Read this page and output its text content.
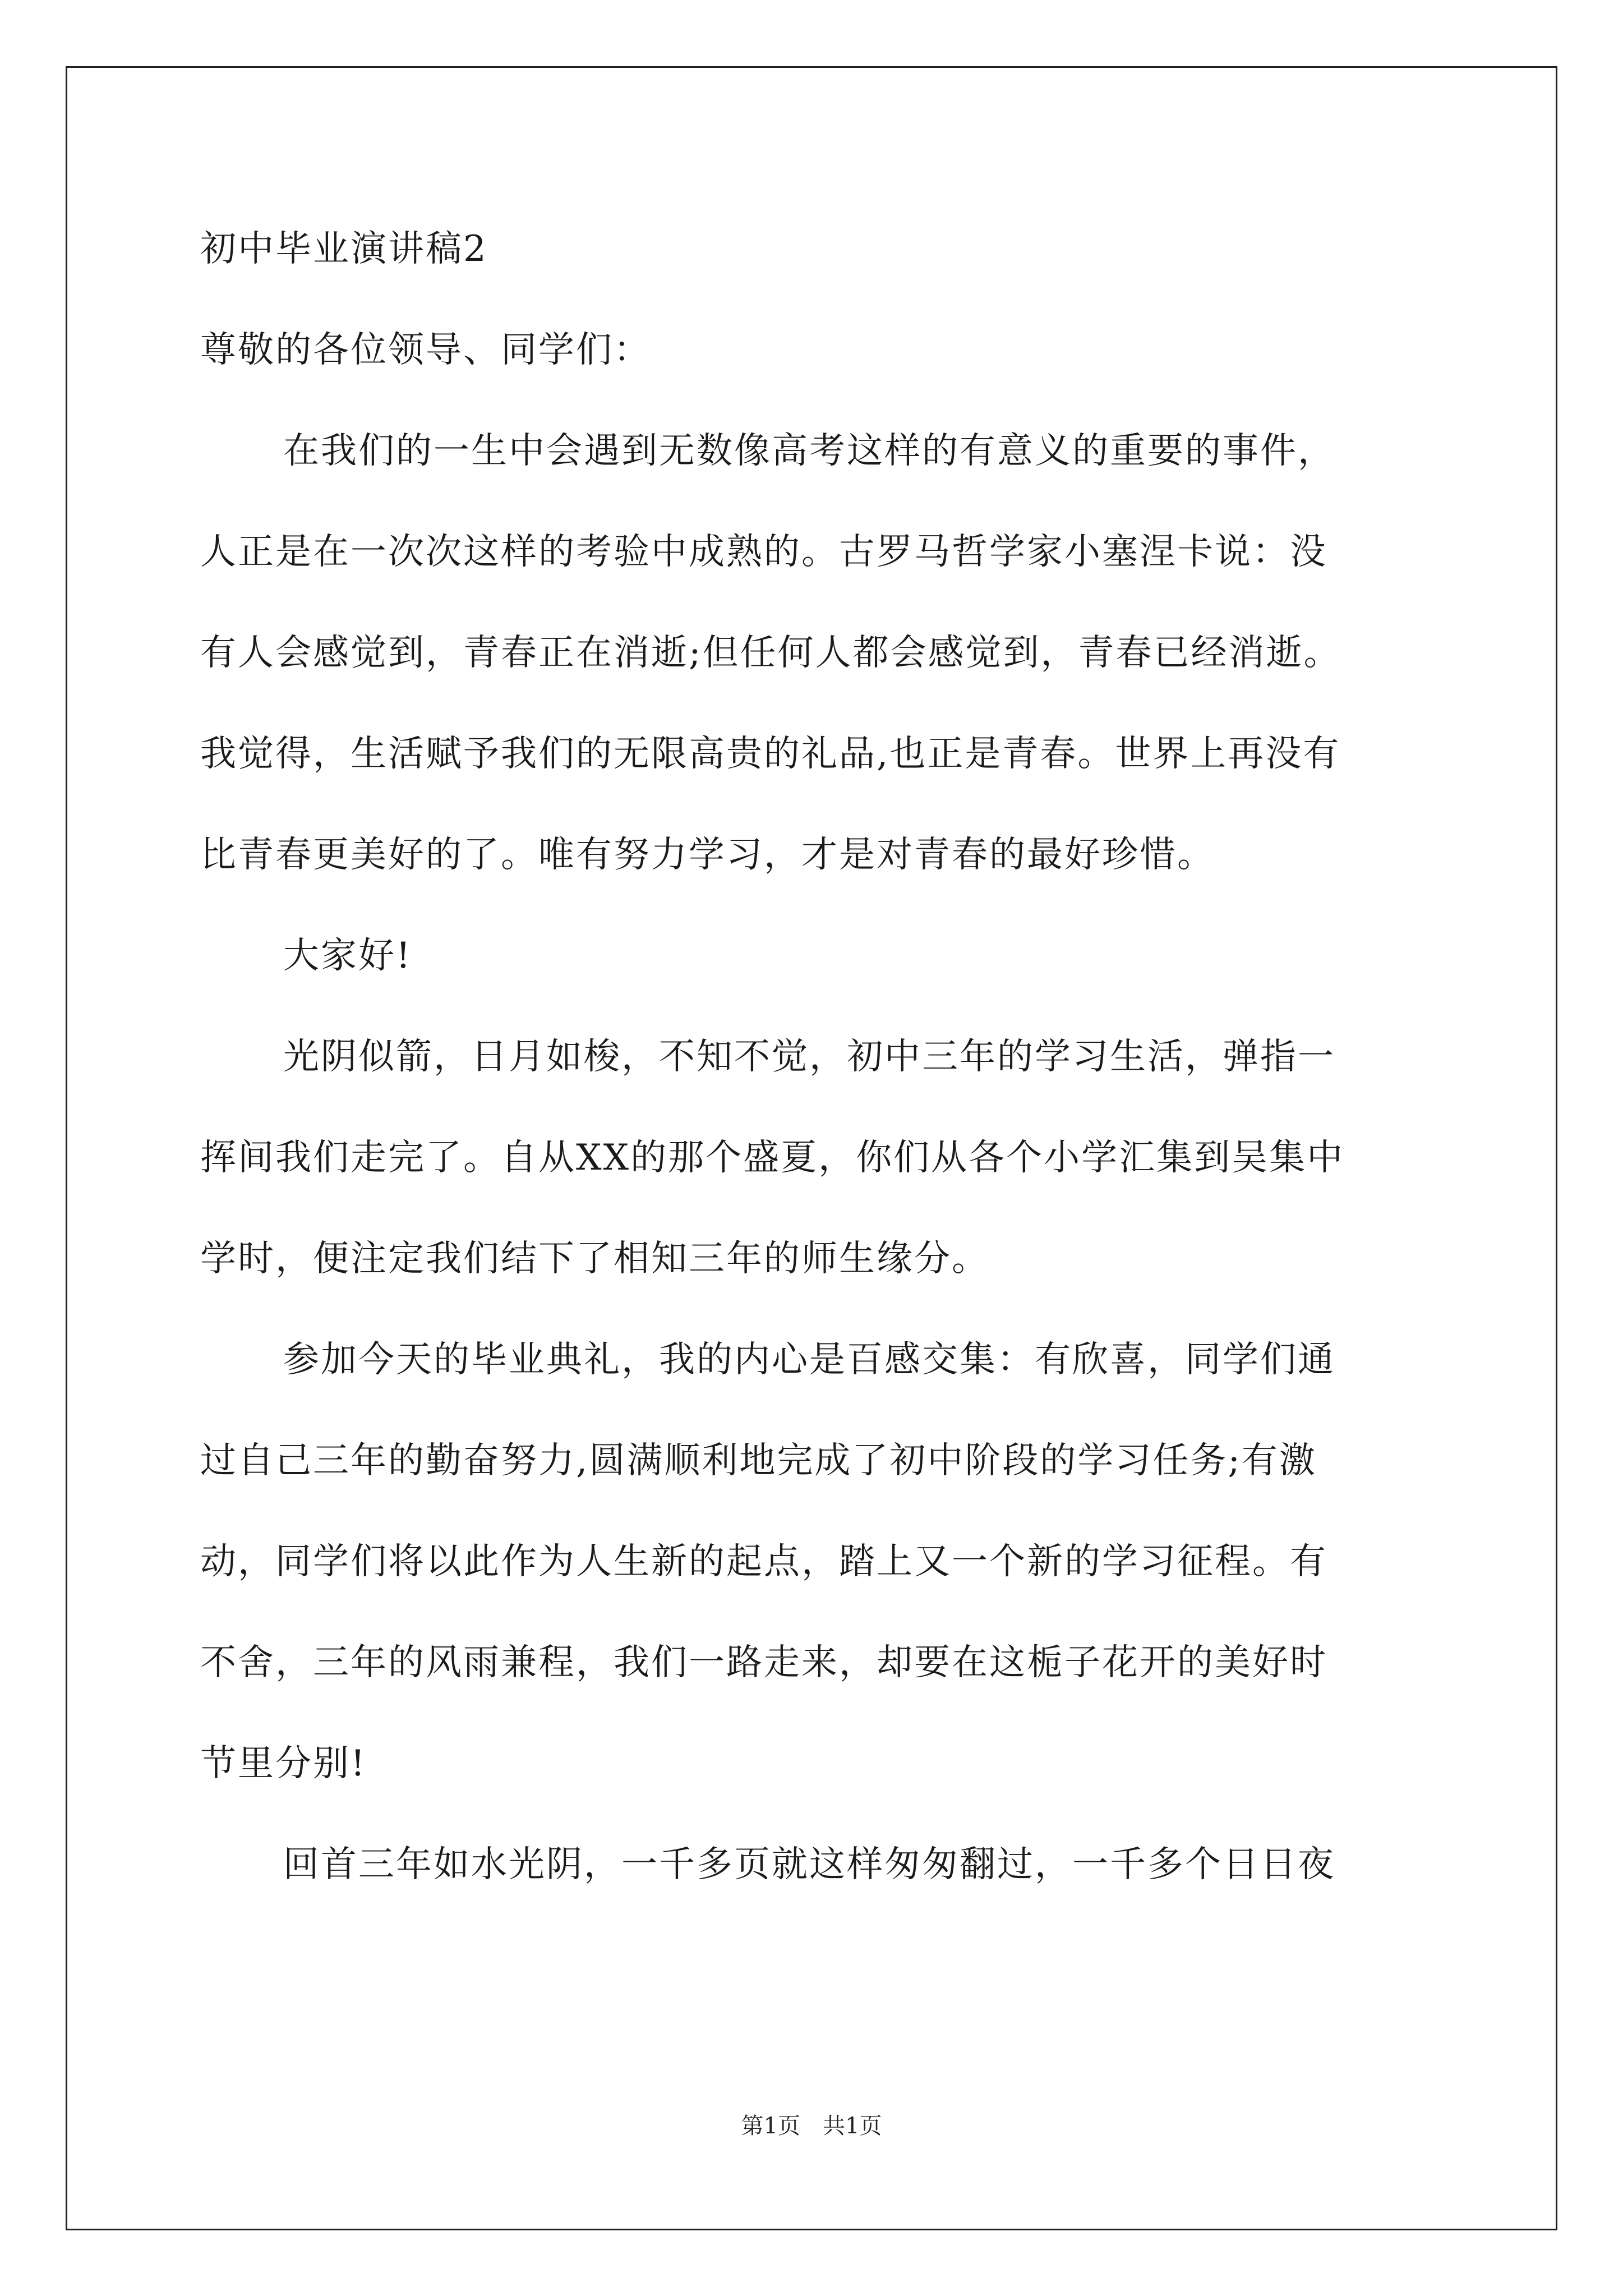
初中毕业演讲稿2
尊敬的各位领导、同学们：
在我们的一生中会遇到无数像高考这样的有意义的重要的事件，
人正是在一次次这样的考验中成熟的。古罗马哲学家小塞涅卡说：没
有人会感觉到，青春正在消逝;但任何人都会感觉到，青春已经消逝。
我觉得，生活赋予我们的无限高贵的礼品,也正是青春。世界上再没有
比青春更美好的了。唯有努力学习，才是对青春的最好珍惜。
大家好!
光阴似箭，日月如梭，不知不觉，初中三年的学习生活，弹指一
挥间我们走完了。自从XX的那个盛夏，你们从各个小学汇集到吴集中
学时，便注定我们结下了相知三年的师生缘分。
参加今天的毕业典礼，我的内心是百感交集：有欣喜，同学们通
过自己三年的勤奋努力,圆满顺利地完成了初中阶段的学习任务;有激
动，同学们将以此作为人生新的起点，踏上又一个新的学习征程。有
不舍，三年的风雨兼程，我们一路走来，却要在这栀子花开的美好时
节里分别!
回首三年如水光阴，一千多页就这样匆匆翻过，一千多个日日夜
第1页 共1页
